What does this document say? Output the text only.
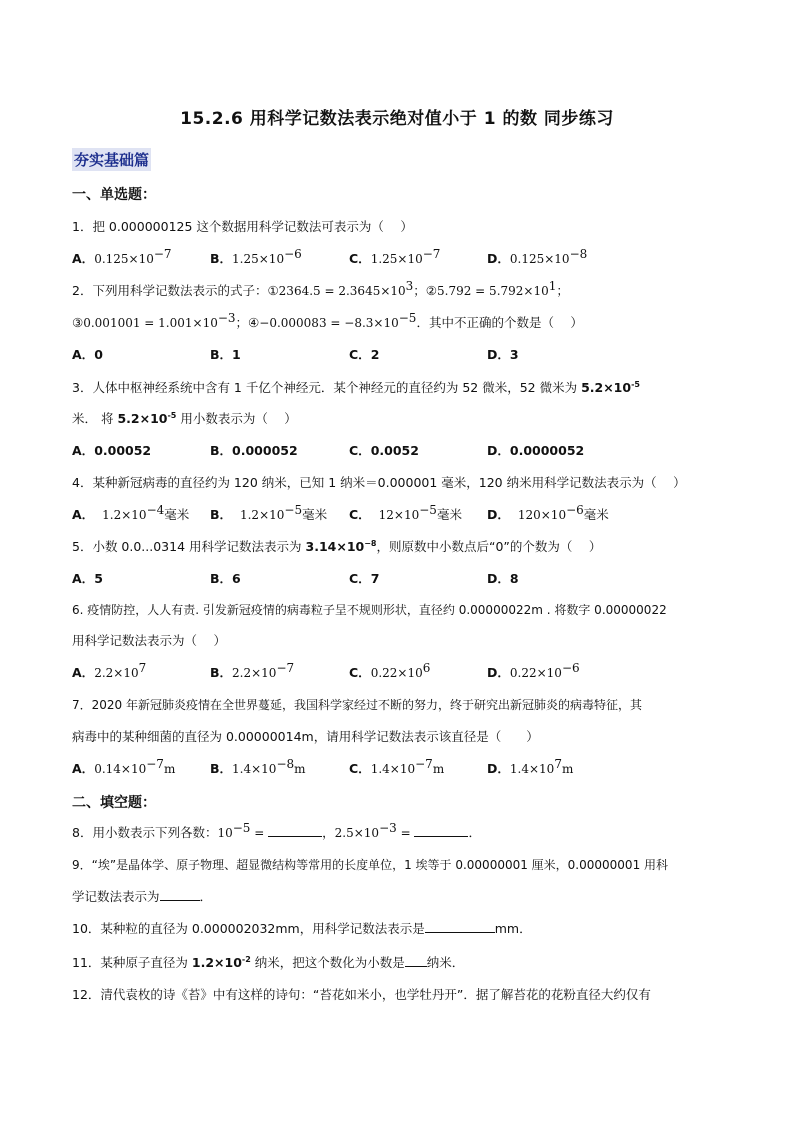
15.2.6 用科学记数法表示绝对值小于 1 的数 同步练习
夯实基础篇
一、单选题：
1．把 0.000000125 这个数据用科学记数法可表示为（　 ）
A．$0.125\times 10^{-7}$	B．$1.25\times 10^{-6}$	C．$1.25\times 10^{-7}$	D．$0.125\times 10^{-8}$
2．下列用科学记数法表示的式子：①2364.5 = $2.3645\times 10^3$；②5.792 = $5.792\times 10^1$；
③0.001001 = $1.001\times 10^{-3}$；④−0.000083 = $-8.3\times 10^{-5}$．其中不正确的个数是（　 ）
A．0	B．1	C．2	D．3
3．人体中枢神经系统中含有 1 千亿个神经元．某个神经元的直径约为 52 微米，52 微米为 $5.2\times 10^{-5}$
米． 将 $5.2\times 10^{-5}$ 用小数表示为（　 ）
A．0.00052	B．0.000052	C．0.0052	D．0.0000052
4．某种新冠病毒的直径约为 120 纳米，已知 1 纳米＝0.000001 毫米，120 纳米用科学记数法表示为（　 ）
A． $1.2\times 10^{-4}$毫米 B． $1.2\times 10^{-5}$毫米 C． $12\times 10^{-5}$毫米 D． $120\times 10^{-6}$毫米
5．小数 0.0...0314 用科学记数法表示为 $3.14\times 10^{-8}$，则原数中小数点后“0”的个数为（　 ）
A．5	B．6	C．7	D．8
6. 疫情防控，人人有责. 引发新冠疫情的病毒粒子呈不规则形状，直径约 0.00000022m . 将数字 0.00000022
用科学记数法表示为（　 ）
A．$2.2\times 10^7$	B．$2.2\times 10^{-7}$	C．$0.22\times 10^6$	D．$0.22\times 10^{-6}$
7．2020 年新冠肺炎疫情在全世界蔓延，我国科学家经过不断的努力，终于研究出新冠肺炎的病毒特征，其
病毒中的某种细菌的直径为 0.00000014m，请用科学记数法表示该直径是（　　）
A．$0.14\times 10^{-7}m$	B．$1.4\times 10^{-8}m$	C．$1.4\times 10^{-7}m$	D．$1.4\times 10^7m$
二、填空题：
8．用小数表示下列各数：$10^{-5}$ =	，$2.5\times 10^{-3}$ =	．
9．“埃”是晶体学、原子物理、超显微结构等常用的长度单位，1 埃等于 0.00000001 厘米，0.00000001 用科
学记数法表示为	．
10．某种粒的直径为 0.000002032mm，用科学记数法表示是	mm．
11．某种原子直径为 $1.2\times 10^{-2}$ 纳米，把这个数化为小数是 纳米．
12．清代袁枚的诗《苔》中有这样的诗句：“苔花如米小，也学牡丹开”．据了解苔花的花粉直径大约仅有
